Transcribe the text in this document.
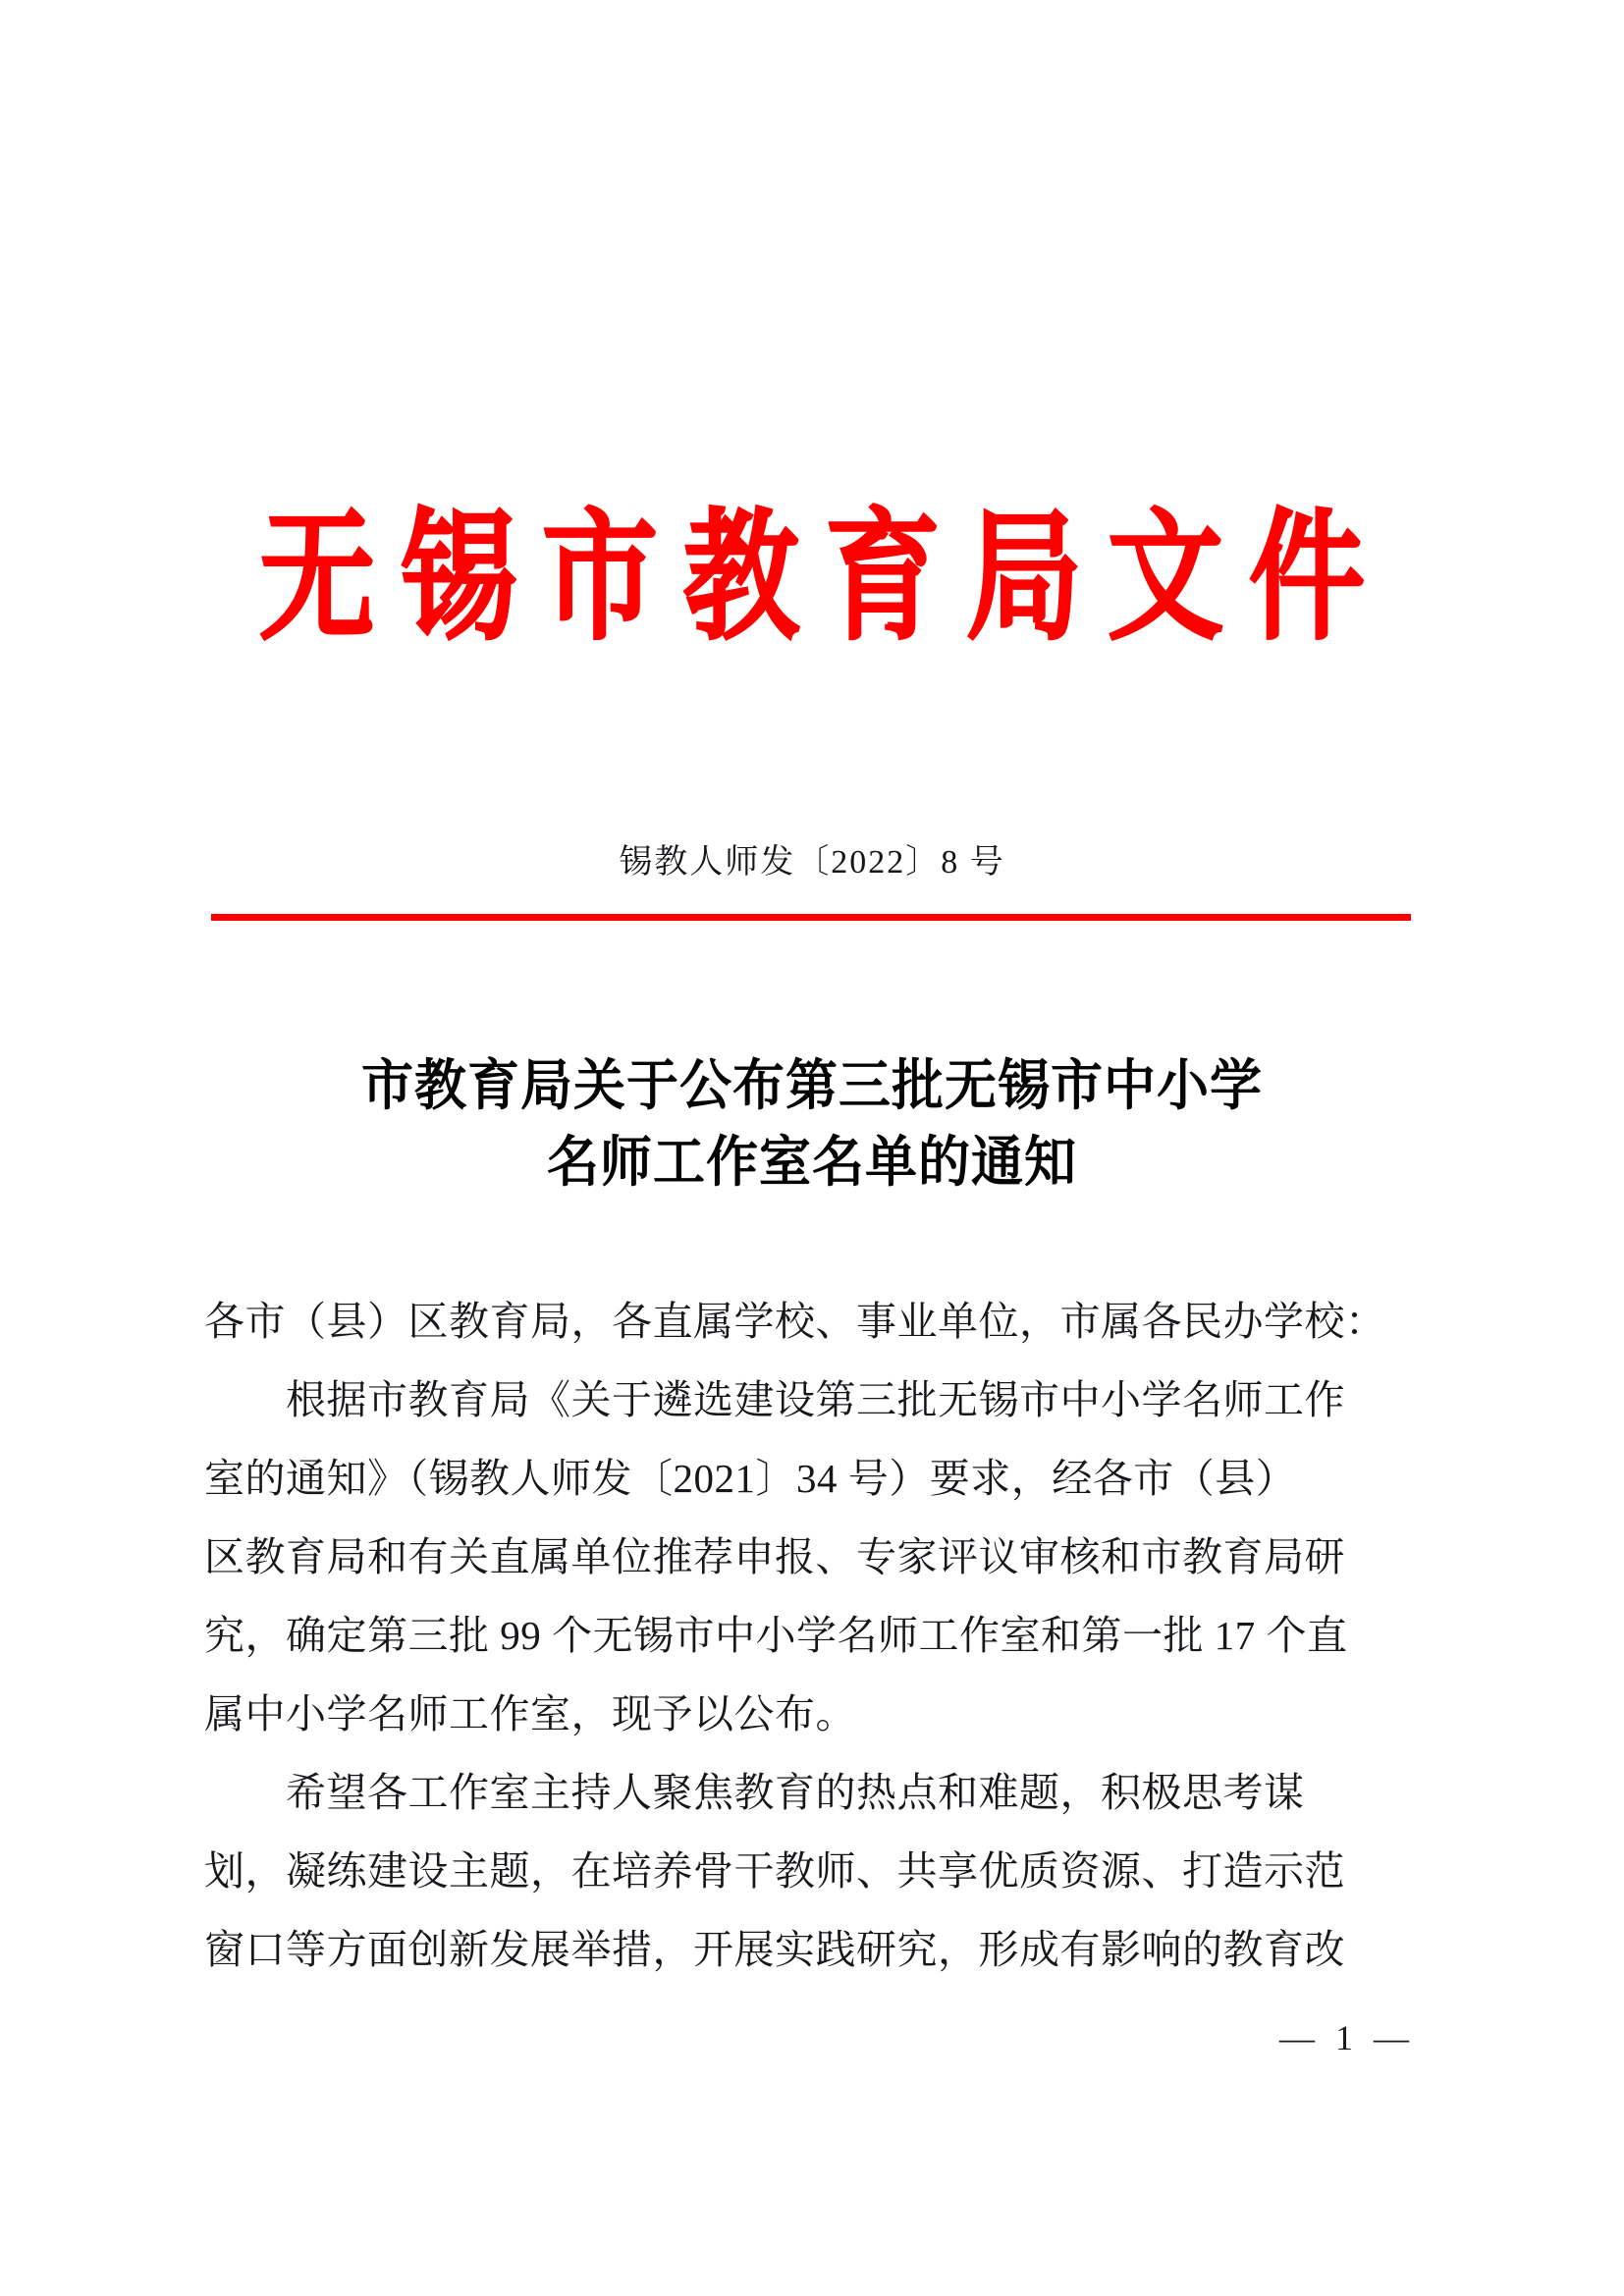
无锡市教育局文件
锡教人师发〔2022〕8 号
市教育局关于公布第三批无锡市中小学
名师工作室名单的通知
各市（县）区教育局，各直属学校、事业单位，市属各民办学校：
　　根据市教育局《关于遴选建设第三批无锡市中小学名师工作
室的通知》（锡教人师发〔2021〕34 号）要求，经各市（县）
区教育局和有关直属单位推荐申报、专家评议审核和市教育局研
究，确定第三批 99 个无锡市中小学名师工作室和第一批 17 个直
属中小学名师工作室，现予以公布。
　　希望各工作室主持人聚焦教育的热点和难题，积极思考谋
划，凝练建设主题，在培养骨干教师、共享优质资源、打造示范
窗口等方面创新发展举措，开展实践研究，形成有影响的教育改
— 1 —
